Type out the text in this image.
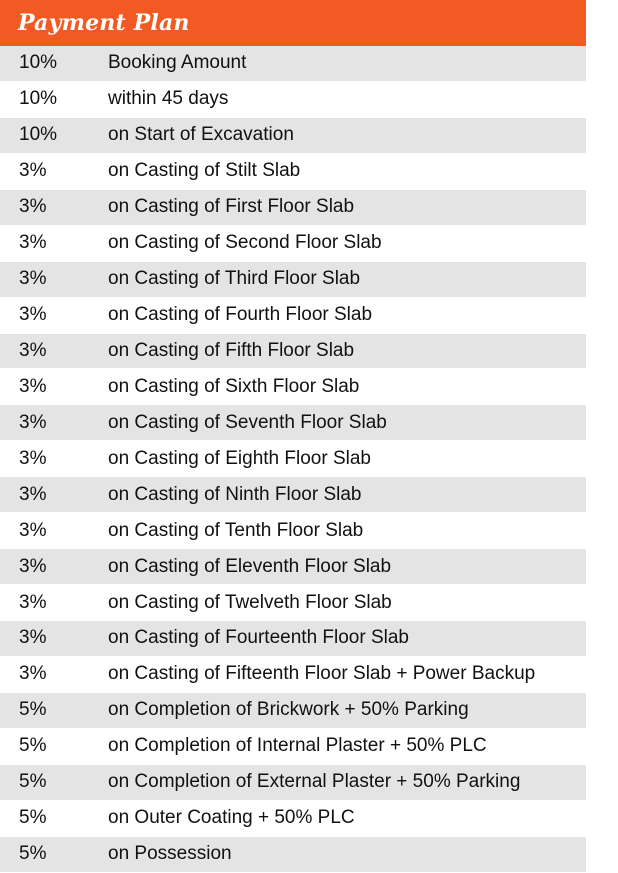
Payment Plan
10%	Booking Amount
10%	within 45 days
10%	on Start of Excavation
3%	on Casting of Stilt Slab
3%	on Casting of First Floor Slab
3%	on Casting of Second Floor Slab
3%	on Casting of Third Floor Slab
3%	on Casting of Fourth Floor Slab
3%	on Casting of Fifth Floor Slab
3%	on Casting of Sixth Floor Slab
3%	on Casting of Seventh Floor Slab
3%	on Casting of Eighth Floor Slab
3%	on Casting of Ninth Floor Slab
3%	on Casting of Tenth Floor Slab
3%	on Casting of Eleventh Floor Slab
3%	on Casting of Twelveth Floor Slab
3%	on Casting of Fourteenth Floor Slab
3%	on Casting of Fifteenth Floor Slab + Power Backup
5%	on Completion of Brickwork + 50% Parking
5%	on Completion of Internal Plaster + 50% PLC
5%	on Completion of External Plaster + 50% Parking
5%	on Outer Coating + 50% PLC
5%	on Possession
